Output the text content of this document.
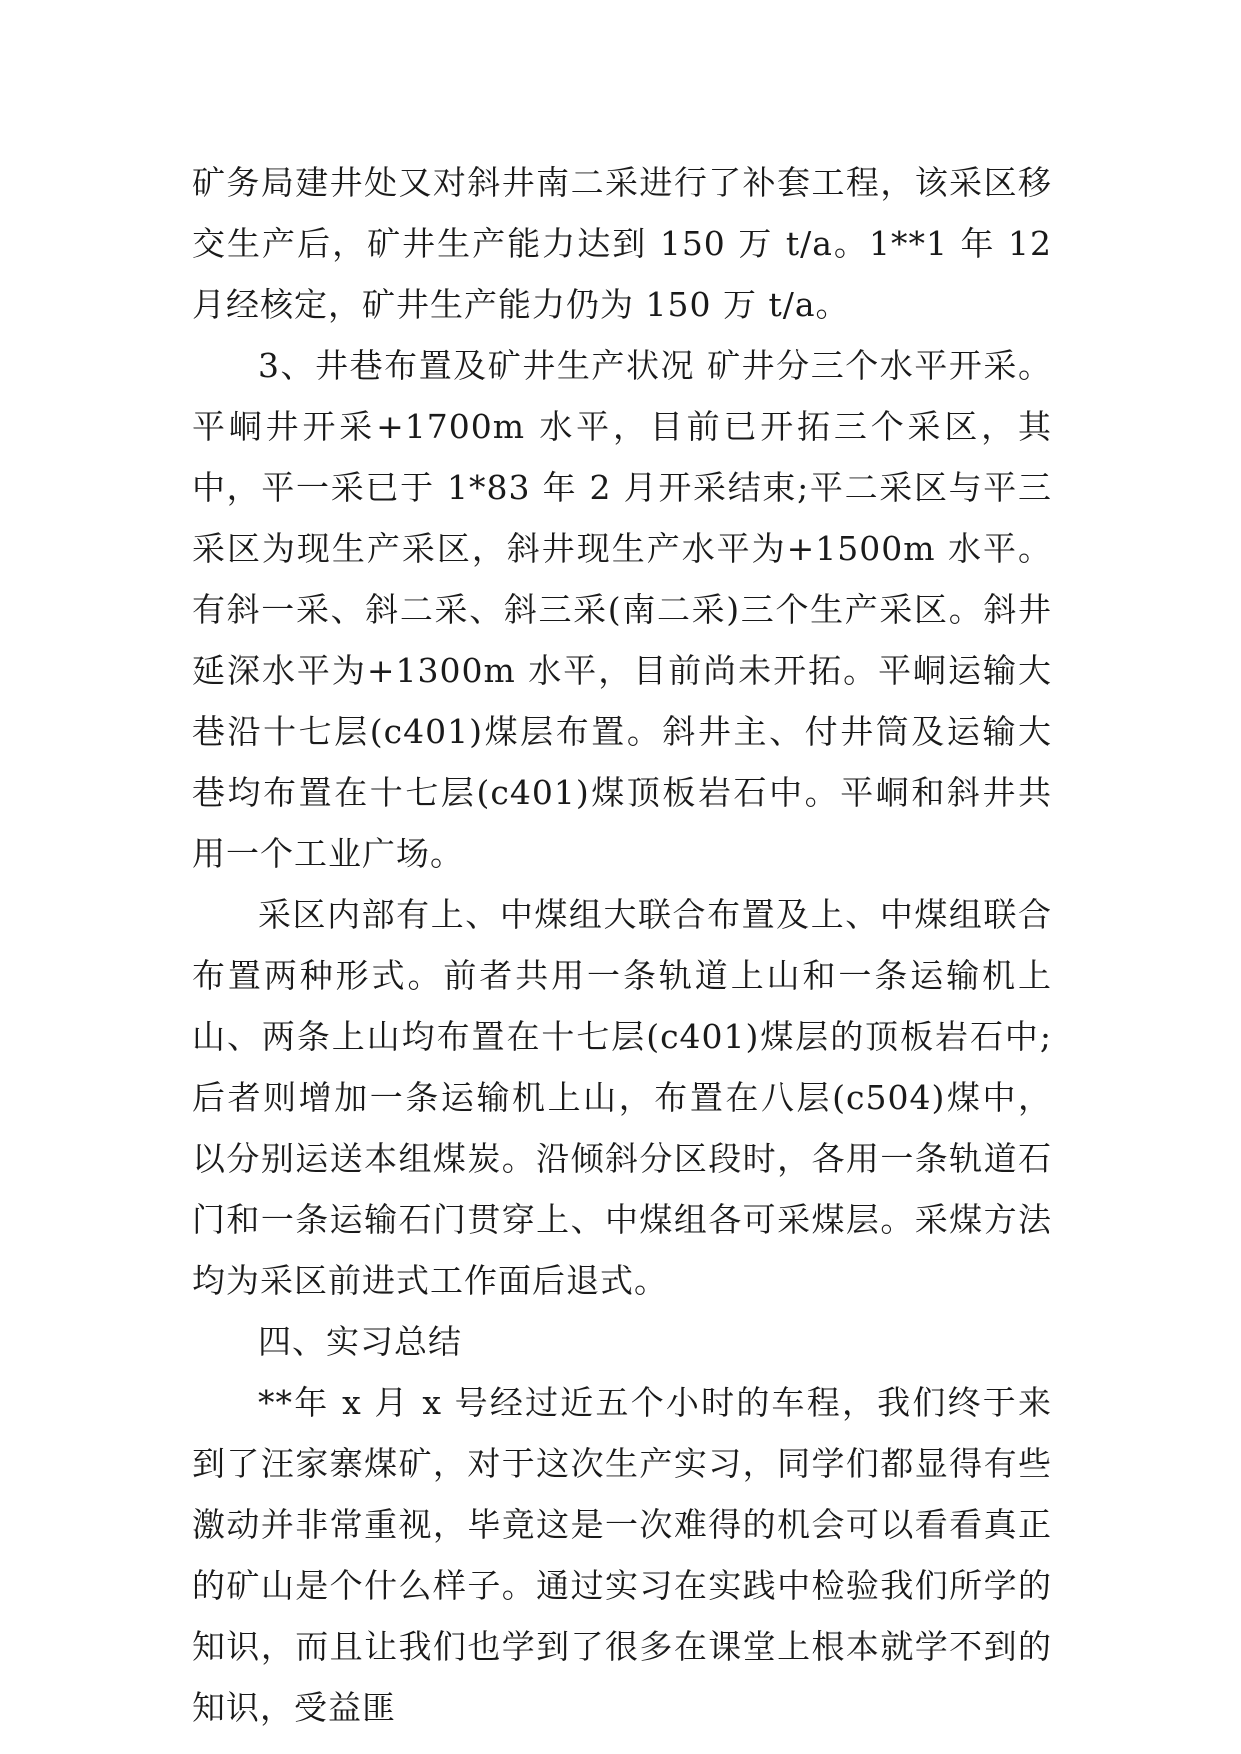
矿务局建井处又对斜井南二采进行了补套工程，该采区移交生产后，矿井生产能力达到 150 万 t/a。1**1 年 12 月经核定，矿井生产能力仍为 150 万 t/a。

3、井巷布置及矿井生产状况 矿井分三个水平开采。平峒井开采+1700m 水平，目前已开拓三个采区，其中，平一采已于 1*83 年 2 月开采结束;平二采区与平三采区为现生产采区，斜井现生产水平为+1500m 水平。有斜一采、斜二采、斜三采(南二采)三个生产采区。斜井延深水平为+1300m 水平，目前尚未开拓。平峒运输大巷沿十七层(c401)煤层布置。斜井主、付井筒及运输大巷均布置在十七层(c401)煤顶板岩石中。平峒和斜井共用一个工业广场。

采区内部有上、中煤组大联合布置及上、中煤组联合布置两种形式。前者共用一条轨道上山和一条运输机上山、两条上山均布置在十七层(c401)煤层的顶板岩石中;后者则增加一条运输机上山，布置在八层(c504)煤中，以分别运送本组煤炭。沿倾斜分区段时，各用一条轨道石门和一条运输石门贯穿上、中煤组各可采煤层。采煤方法均为采区前进式工作面后退式。

四、实习总结

**年 x 月 x 号经过近五个小时的车程，我们终于来到了汪家寨煤矿，对于这次生产实习，同学们都显得有些激动并非常重视，毕竟这是一次难得的机会可以看看真正的矿山是个什么样子。通过实习在实践中检验我们所学的知识，而且让我们也学到了很多在课堂上根本就学不到的知识，受益匪
